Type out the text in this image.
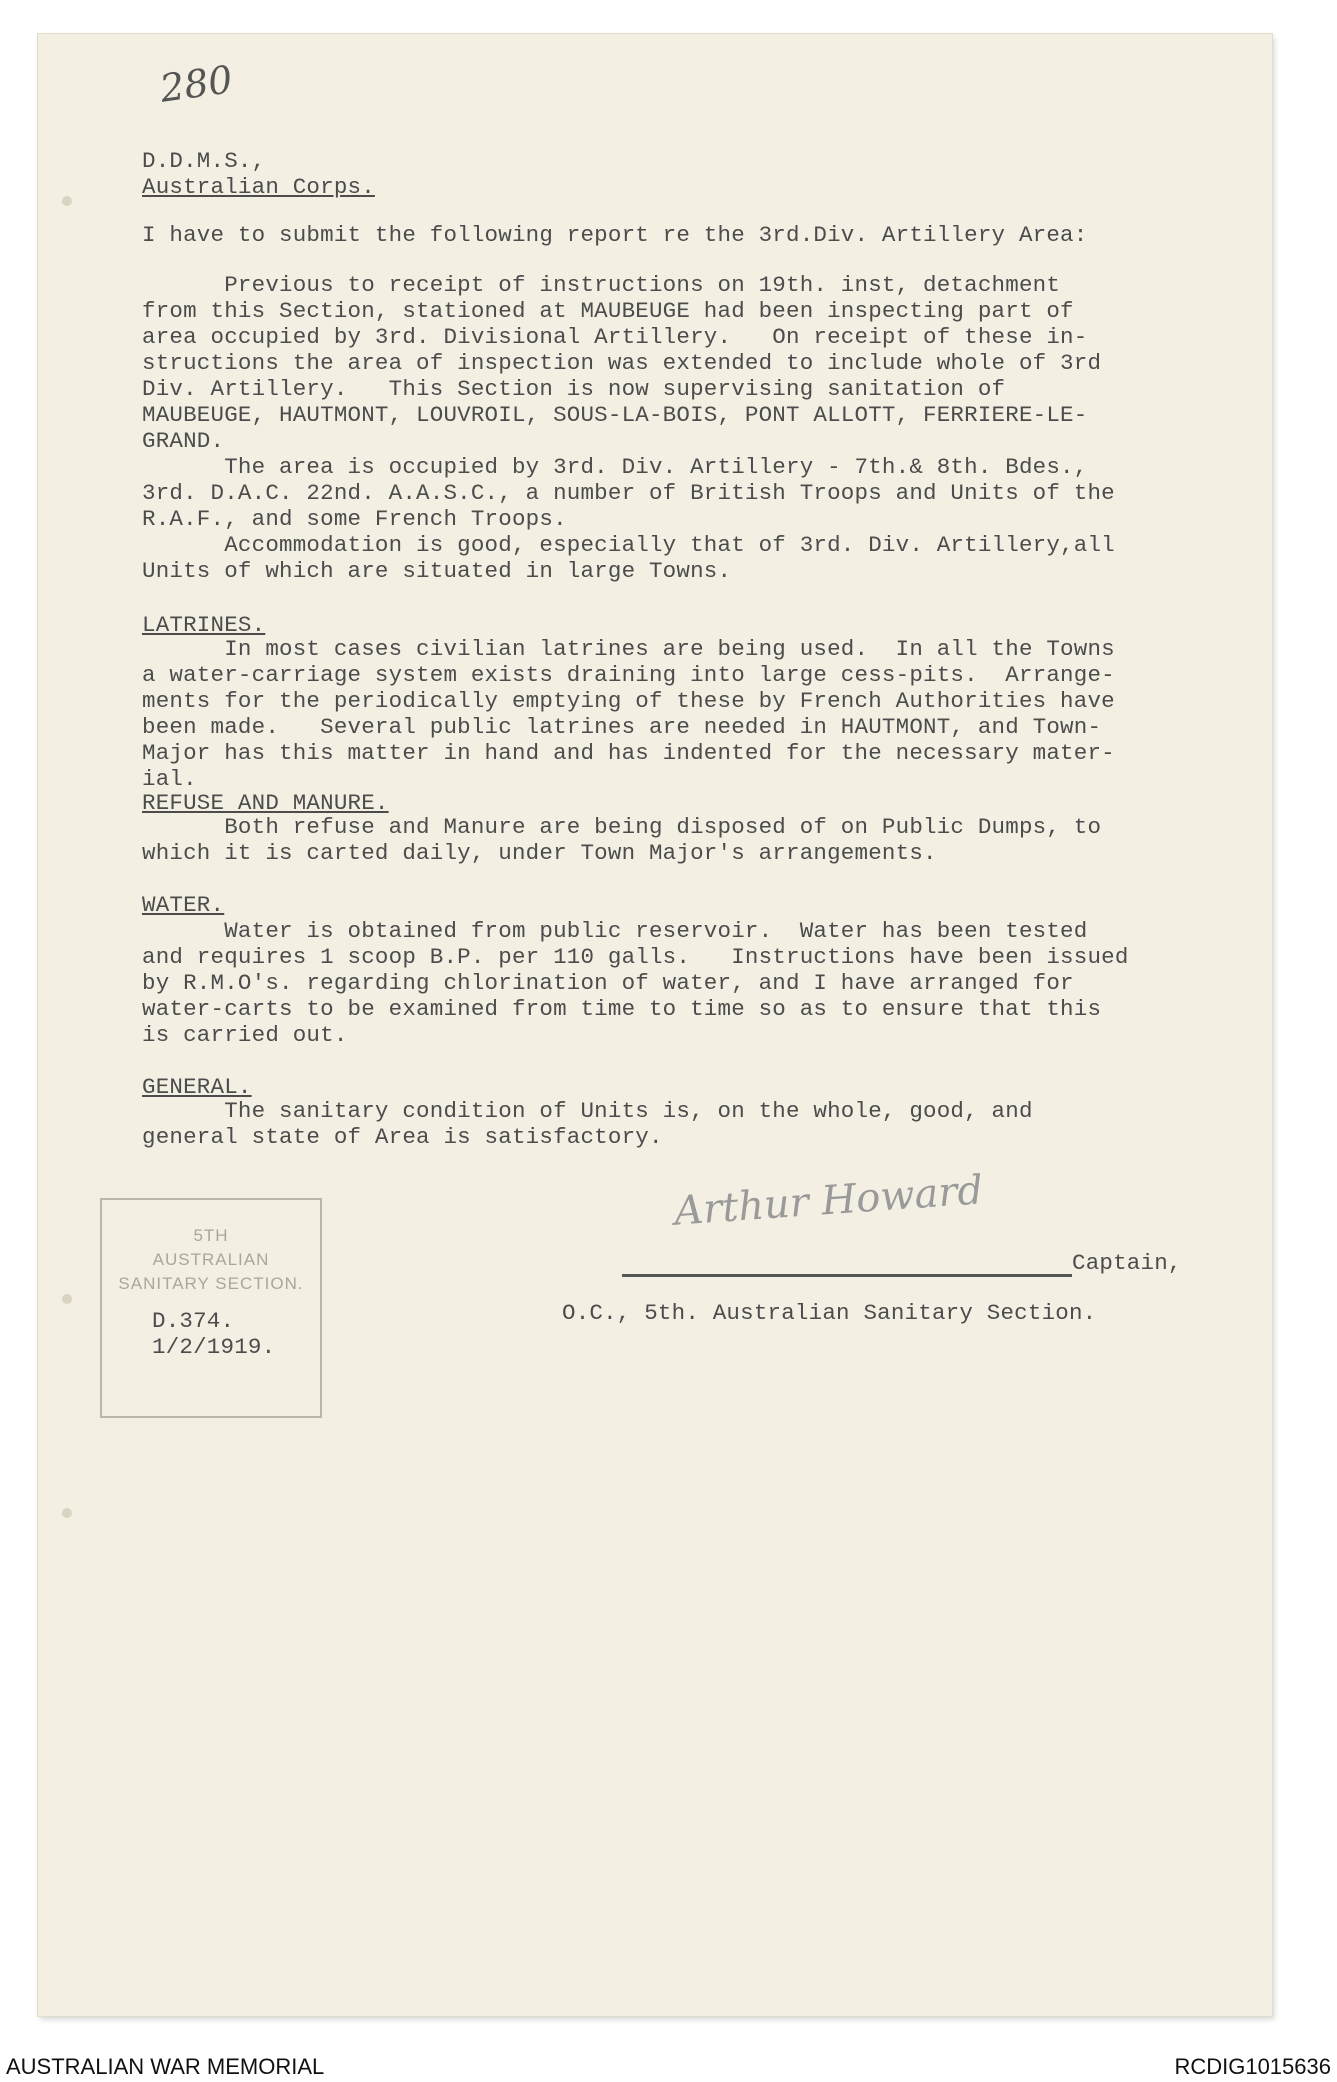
280
D.D.M.S.,
Australian Corps.
I have to submit the following report re the 3rd.Div. Artillery Area:
Previous to receipt of instructions on 19th. inst, detachment
from this Section, stationed at MAUBEUGE had been inspecting part of
area occupied by 3rd. Divisional Artillery.   On receipt of these in-
structions the area of inspection was extended to include whole of 3rd
Div. Artillery.   This Section is now supervising sanitation of
MAUBEUGE, HAUTMONT, LOUVROIL, SOUS-LA-BOIS, PONT ALLOTT, FERRIERE-LE-
GRAND.
The area is occupied by 3rd. Div. Artillery - 7th.& 8th. Bdes.,
3rd. D.A.C. 22nd. A.A.S.C., a number of British Troops and Units of the
R.A.F., and some French Troops.
Accommodation is good, especially that of 3rd. Div. Artillery,all
Units of which are situated in large Towns.
LATRINES.
In most cases civilian latrines are being used.  In all the Towns
a water-carriage system exists draining into large cess-pits.  Arrange-
ments for the periodically emptying of these by French Authorities have
been made.   Several public latrines are needed in HAUTMONT, and Town-
Major has this matter in hand and has indented for the necessary mater-
ial.
REFUSE AND MANURE.
Both refuse and Manure are being disposed of on Public Dumps, to
which it is carted daily, under Town Major's arrangements.
WATER.
Water is obtained from public reservoir.  Water has been tested
and requires 1 scoop B.P. per 110 galls.   Instructions have been issued
by R.M.O's. regarding chlorination of water, and I have arranged for
water-carts to be examined from time to time so as to ensure that this
is carried out.
GENERAL.
The sanitary condition of Units is, on the whole, good, and
general state of Area is satisfactory.
Arthur Howard
Captain,
O.C., 5th. Australian Sanitary Section.
5TH
AUSTRALIAN
SANITARY SECTION.
D.374.
1/2/1919.
AUSTRALIAN WAR MEMORIAL	RCDIG1015636
